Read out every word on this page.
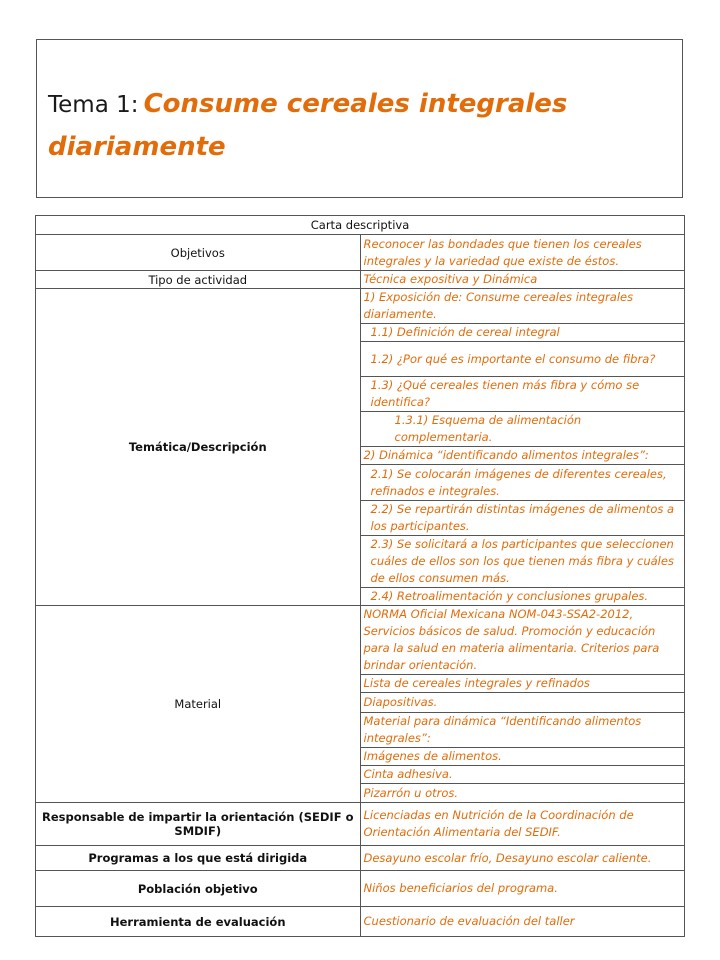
Tema 1: Consume cereales integrales diariamente
Carta descriptiva	
Objetivos	Reconocer las bondades que tienen los cereales integrales y la variedad que existe de éstos.
Tipo de actividad	Técnica expositiva y Dinámica
Temática/Descripción	1) Exposición de: Consume cereales integrales diariamente.
	1.1) Definición de cereal integral
	1.2) ¿Por qué es importante el consumo de fibra?
	1.3) ¿Qué cereales tienen más fibra y cómo se identifica?
	1.3.1) Esquema de alimentación complementaria.
	2) Dinámica “identificando alimentos integrales”:
	2.1) Se colocarán imágenes de diferentes cereales, refinados e integrales.
	2.2) Se repartirán distintas imágenes de alimentos a los participantes.
	2.3) Se solicitará a los participantes que seleccionen cuáles de ellos son los que tienen más fibra y cuáles de ellos consumen más.
	2.4) Retroalimentación y conclusiones grupales.
Material	NORMA Oficial Mexicana NOM-043-SSA2-2012, Servicios básicos de salud. Promoción y educación para la salud en materia alimentaria. Criterios para brindar orientación.
	Lista de cereales integrales y refinados
	Diapositivas.
	Material para dinámica “Identificando alimentos integrales”:
	Imágenes de alimentos.
	Cinta adhesiva.
	Pizarrón u otros.
Responsable de impartir la orientación (SEDIF o SMDIF)	Licenciadas en Nutrición de la Coordinación de Orientación Alimentaria del SEDIF.
Programas a los que está dirigida	Desayuno escolar frío, Desayuno escolar caliente.
Población objetivo	Niños beneficiarios del programa.
Herramienta de evaluación	Cuestionario de evaluación del taller
